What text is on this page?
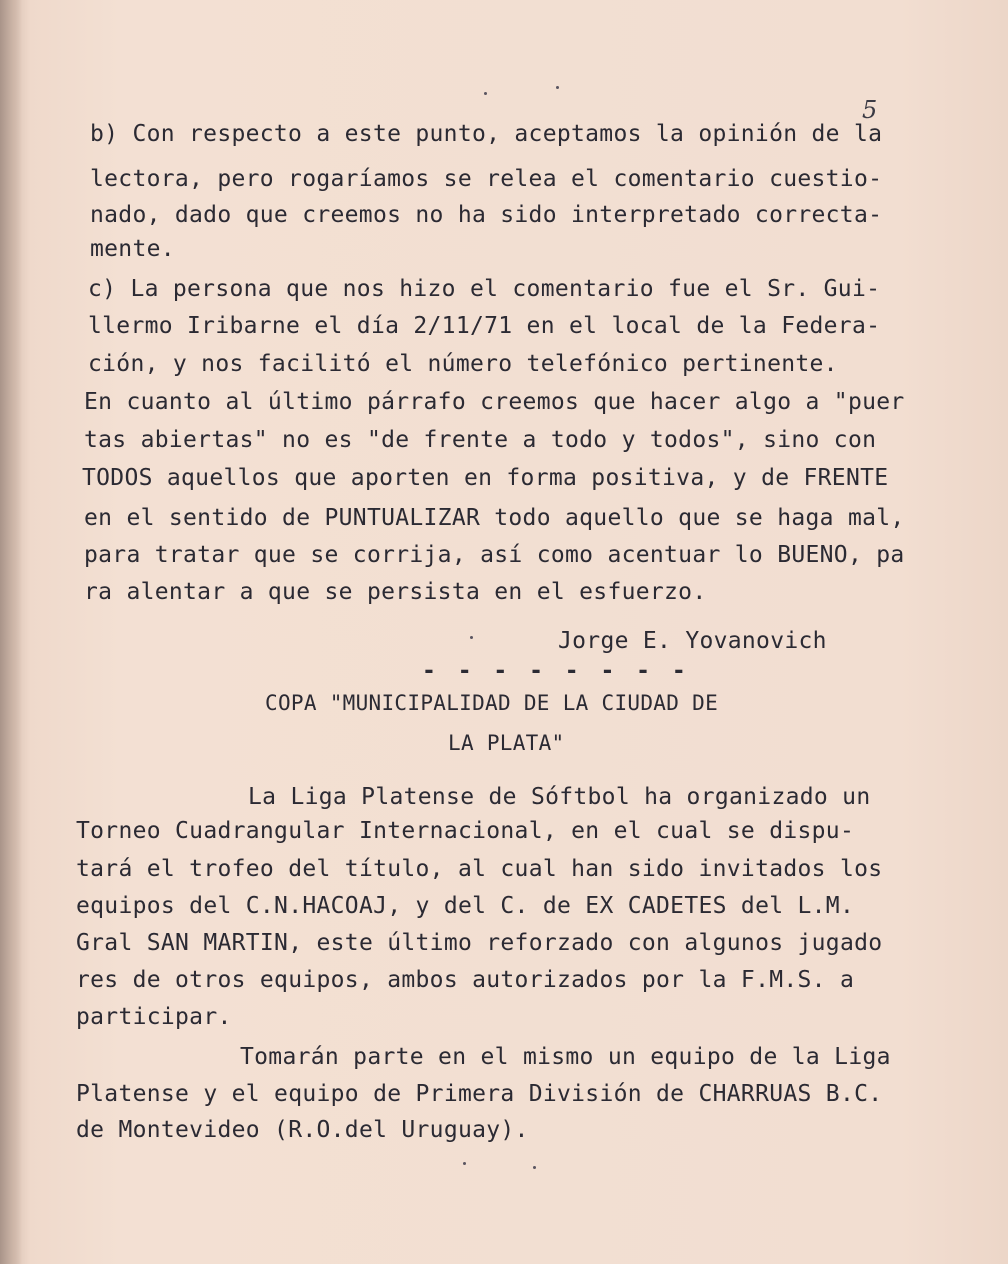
5
b) Con respecto a este punto, aceptamos la opinión de la
lectora, pero rogaríamos se relea el comentario cuestio-
nado, dado que creemos no ha sido interpretado correcta-
mente.
c) La persona que nos hizo el comentario fue el Sr. Gui-
llermo Iribarne el día 2/11/71 en el local de la Federa-
ción, y nos facilitó el número telefónico pertinente.
En cuanto al último párrafo creemos que hacer algo a "puer
tas abiertas" no es "de frente a todo y todos", sino con
TODOS aquellos que aporten en forma positiva, y de FRENTE
en el sentido de PUNTUALIZAR todo aquello que se haga mal,
para tratar que se corrija, así como acentuar lo BUENO, pa
ra alentar a que se persista en el esfuerzo.
Jorge E. Yovanovich
- - - - - - - -
COPA "MUNICIPALIDAD DE LA CIUDAD DE
LA PLATA"
La Liga Platense de Sóftbol ha organizado un
Torneo Cuadrangular Internacional, en el cual se dispu-
tará el trofeo del título, al cual han sido invitados los
equipos del C.N.HACOAJ, y del C. de EX CADETES del L.M.
Gral SAN MARTIN, este último reforzado con algunos jugado
res de otros equipos, ambos autorizados por la F.M.S. a
participar.
Tomarán parte en el mismo un equipo de la Liga
Platense y el equipo de Primera División de CHARRUAS B.C.
de Montevideo (R.O.del Uruguay).
